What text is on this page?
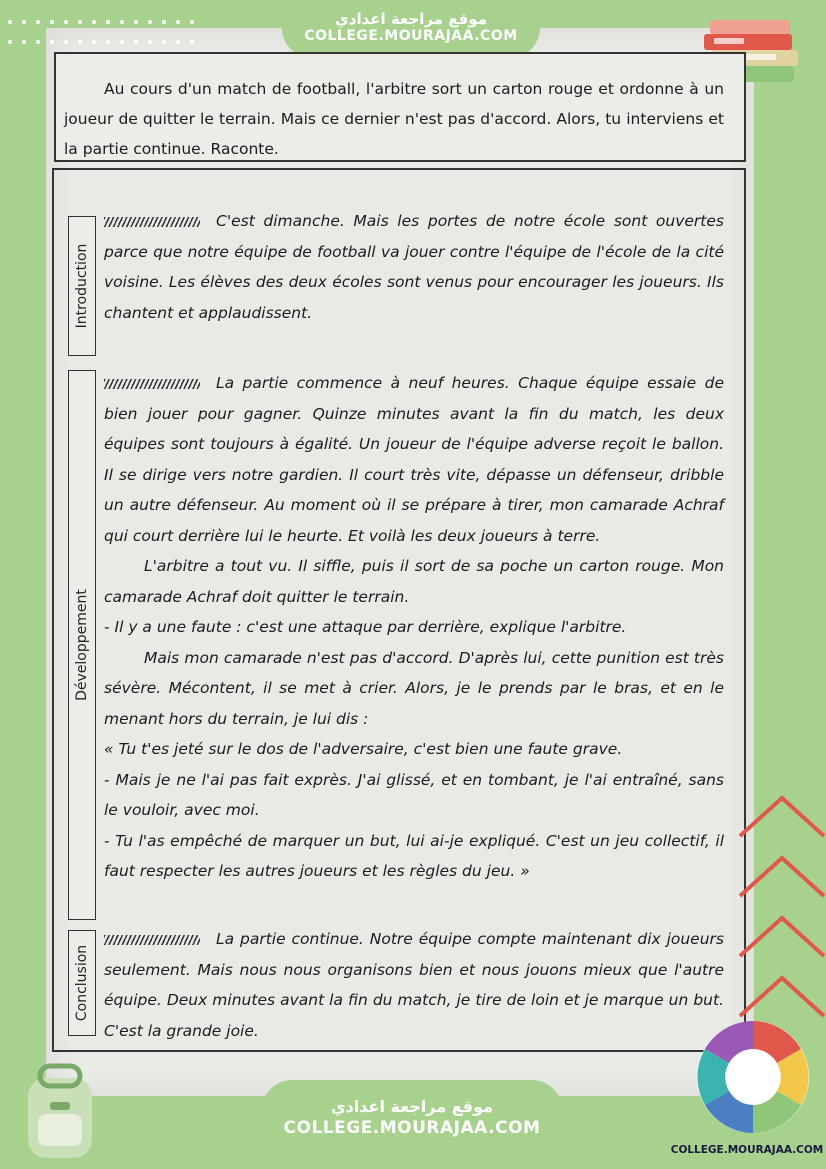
موقع مراجعة اعدادي
COLLEGE.MOURAJAA.COM

Au cours d'un match de football, l'arbitre sort un carton rouge et ordonne à un joueur de quitter le terrain. Mais ce dernier n'est pas d'accord. Alors, tu interviens et la partie continue. Raconte.

Introduction
Développement
Conclusion

C'est dimanche. Mais les portes de notre école sont ouvertes parce que notre équipe de football va jouer contre l'équipe de l'école de la cité voisine. Les élèves des deux écoles sont venus pour encourager les joueurs. Ils chantent et applaudissent.

La partie commence à neuf heures. Chaque équipe essaie de bien jouer pour gagner. Quinze minutes avant la fin du match, les deux équipes sont toujours à égalité. Un joueur de l'équipe adverse reçoit le ballon. Il se dirige vers notre gardien. Il court très vite, dépasse un défenseur, dribble un autre défenseur. Au moment où il se prépare à tirer, mon camarade Achraf qui court derrière lui le heurte. Et voilà les deux joueurs à terre.

L'arbitre a tout vu. Il siffle, puis il sort de sa poche un carton rouge. Mon camarade Achraf doit quitter le terrain.

- Il y a une faute : c'est une attaque par derrière, explique l'arbitre.

Mais mon camarade n'est pas d'accord. D'après lui, cette punition est très sévère. Mécontent, il se met à crier. Alors, je le prends par le bras, et en le menant hors du terrain, je lui dis :

« Tu t'es jeté sur le dos de l'adversaire, c'est bien une faute grave.

- Mais je ne l'ai pas fait exprès. J'ai glissé, et en tombant, je l'ai entraîné, sans le vouloir, avec moi.

- Tu l'as empêché de marquer un but, lui ai-je expliqué. C'est un jeu collectif, il faut respecter les autres joueurs et les règles du jeu. »

La partie continue. Notre équipe compte maintenant dix joueurs seulement. Mais nous nous organisons bien et nous jouons mieux que l'autre équipe. Deux minutes avant la fin du match, je tire de loin et je marque un but. C'est la grande joie.

COLLEGE.MOURAJAA.COM
موقع مراجعة اعدادي
COLLEGE.MOURAJAA.COM
